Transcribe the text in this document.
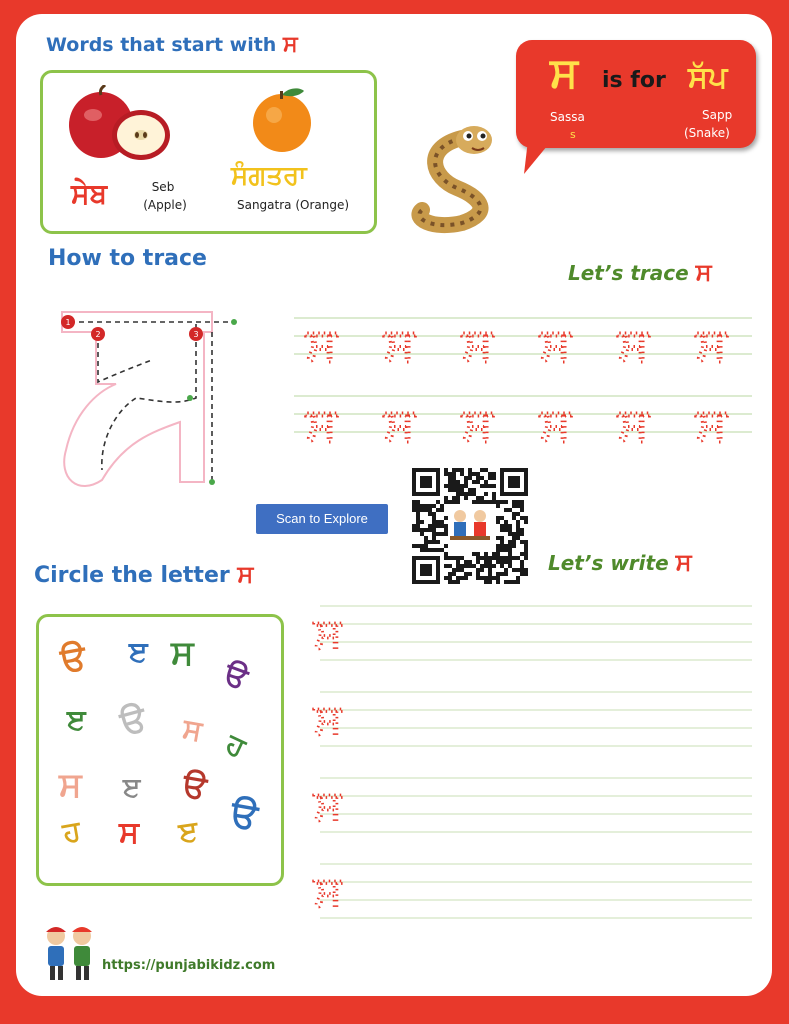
Words that start with ਸ
ਸੇਬ	Seb
(Apple)
ਸੰਗਤਰਾ
Sangatra (Orange)
ਸ is for ਸੱਪ
Sassa
s
Sapp
(Snake)
How to trace
1
2	3
Let’s trace ਸ
ਸ ਸ ਸ ਸ ਸ ਸ
ਸ ਸ ਸ ਸ ਸ ਸ
Scan to Explore
Let’s write ਸ
ਸ
ਸ
ਸ
ਸ
Circle the letter ਸ
ੳ ੲ ਸ
ੳ
ੲ ੳ ਸ ਹ
ਸ ੲ ੳ
ੳ
ਹ ਸ ੲ
https://punjabikidz.com
